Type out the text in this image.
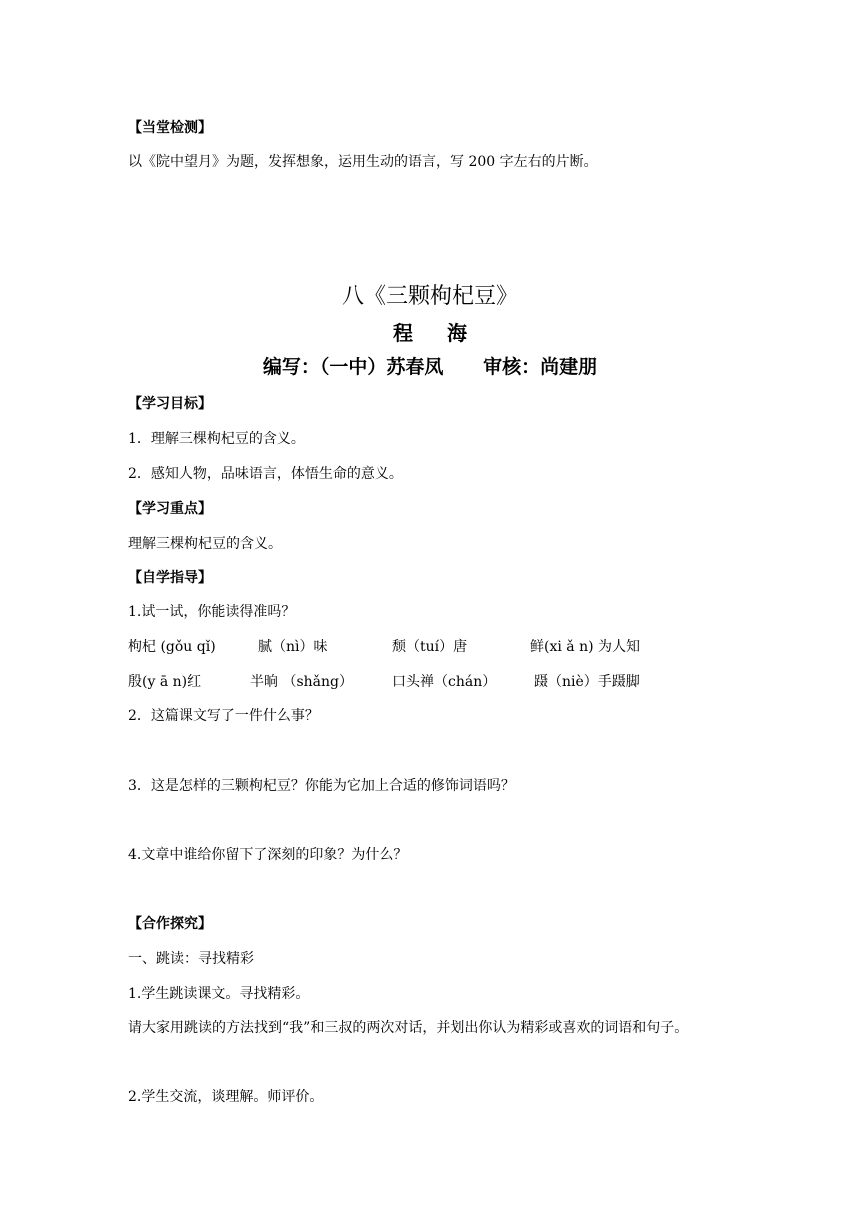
【当堂检测】
以《院中望月》为题，发挥想象，运用生动的语言，写 200 字左右的片断。
八《三颗枸杞豆》
程 海
编写：（一中）苏春凤      审核：尚建朋
【学习目标】
1．理解三棵枸杞豆的含义。
2．感知人物，品味语言，体悟生命的意义。
【学习重点】
理解三棵枸杞豆的含义。
【自学指导】
1.试一试，你能读得准吗？
枸杞 (gǒu qǐ)	腻（nì）味	颓（tuí）唐	鲜(xi ǎ n) 为人知
殷(y ā n)红	半晌 （shǎng）	口头禅（chán）	蹑（niè）手蹑脚
2．这篇课文写了一件什么事？
3．这是怎样的三颗枸杞豆？你能为它加上合适的修饰词语吗？
4.文章中谁给你留下了深刻的印象？为什么？
【合作探究】
一、跳读：寻找精彩
1.学生跳读课文。寻找精彩。
请大家用跳读的方法找到“我”和三叔的两次对话，并划出你认为精彩或喜欢的词语和句子。
2.学生交流，谈理解。师评价。
